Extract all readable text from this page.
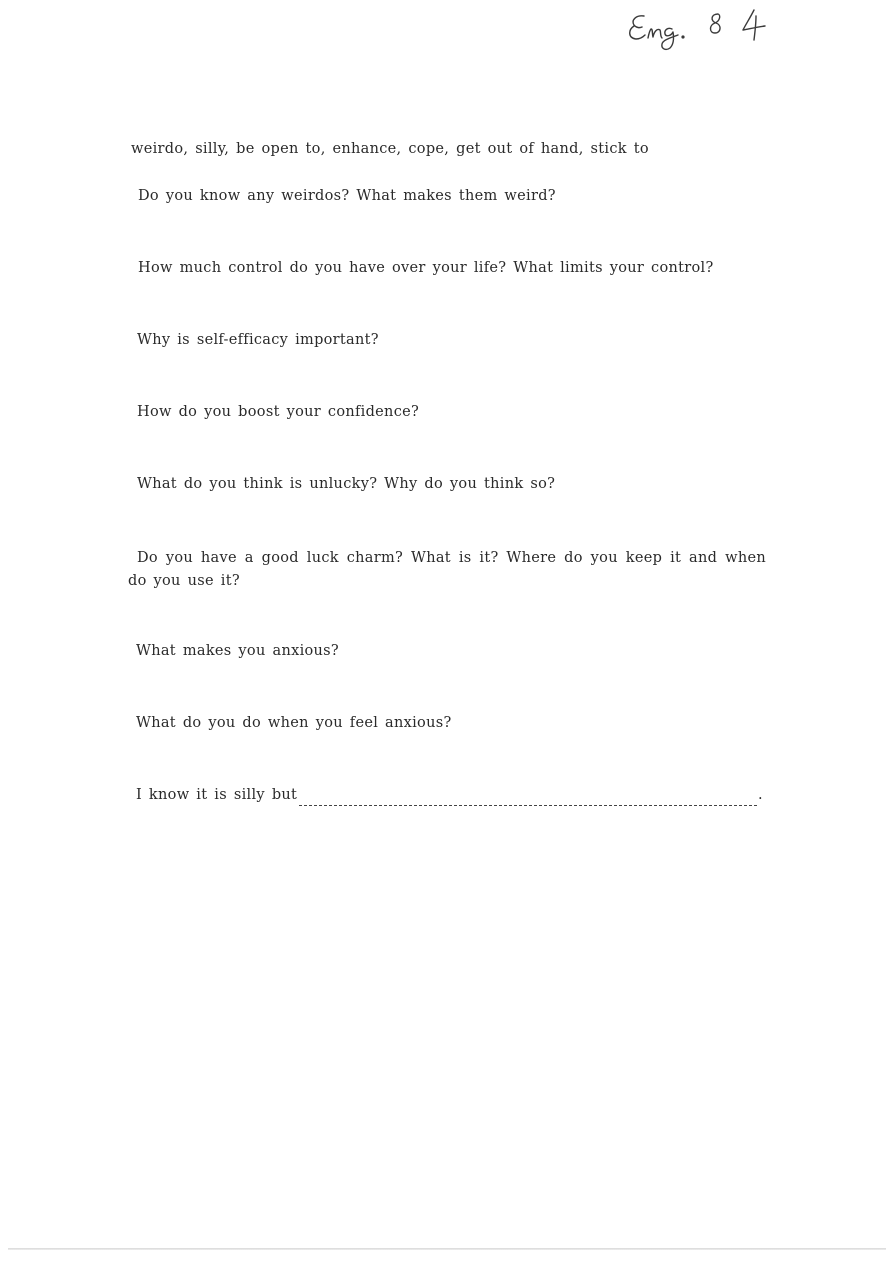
weirdo, silly, be open to, enhance, cope, get out of hand, stick to
Do you know any weirdos? What makes them weird?
How much control do you have over your life? What limits your control?
Why is self-efficacy important?
How do you boost your confidence?
What do you think is unlucky? Why do you think so?
Do you have a good luck charm? What is it? Where do you keep it and when do you use it?
What makes you anxious?
What do you do when you feel anxious?
I know it is silly but	.
